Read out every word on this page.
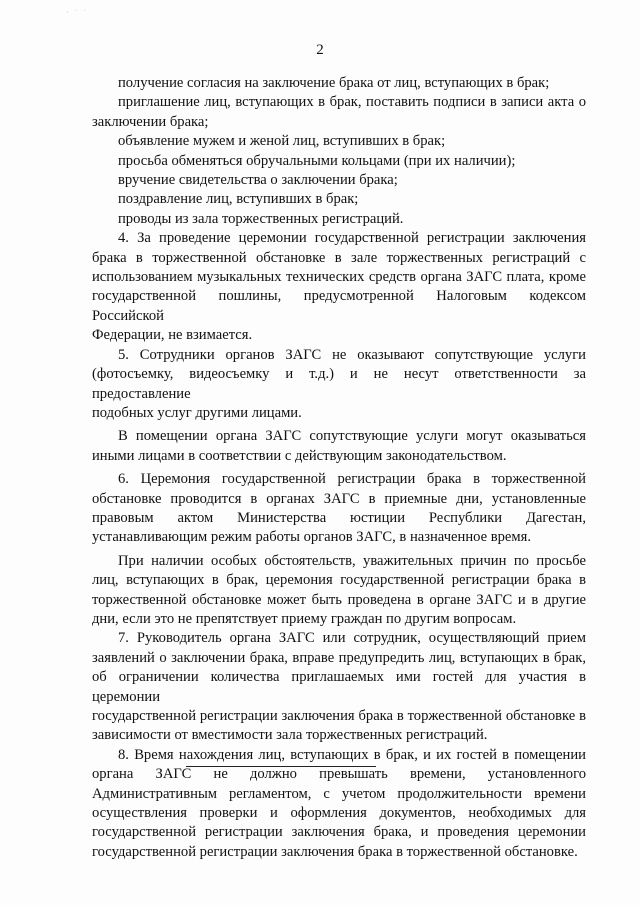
· ˙ ˙
2

получение согласия на заключение брака от лиц, вступающих в брак;

приглашение лиц, вступающих в брак, поставить подписи в записи акта о

заключении брака;

объявление мужем и женой лиц, вступивших в брак;

просьба обменяться обручальными кольцами (при их наличии);

вручение свидетельства о заключении брака;

поздравление лиц, вступивших в брак;

проводы из зала торжественных регистраций.

4. За проведение церемонии государственной регистрации заключения

брака в торжественной обстановке в зале торжественных регистраций с

использованием музыкальных технических средств органа ЗАГС плата, кроме

государственной пошлины, предусмотренной Налоговым кодексом Российской

Федерации, не взимается.

5. Сотрудники органов ЗАГС не оказывают сопутствующие услуги

(фотосъемку, видеосъемку и т.д.) и не несут ответственности за предоставление

подобных услуг другими лицами.

В помещении органа ЗАГС сопутствующие услуги могут оказываться

иными лицами в соответствии с действующим законодательством.

6. Церемония государственной регистрации брака в торжественной

обстановке проводится в органах ЗАГС в приемные дни, установленные

правовым актом Министерства юстиции Республики Дагестан,

устанавливающим режим работы органов ЗАГС, в назначенное время.

При наличии особых обстоятельств, уважительных причин по просьбе

лиц, вступающих в брак, церемония государственной регистрации брака в

торжественной обстановке может быть проведена в органе ЗАГС и в другие

дни, если это не препятствует приему граждан по другим вопросам.

7. Руководитель органа ЗАГС или сотрудник, осуществляющий прием

заявлений о заключении брака, вправе предупредить лиц, вступающих в брак,

об ограничении количества приглашаемых ими гостей для участия в церемонии

государственной регистрации заключения брака в торжественной обстановке в

зависимости от вместимости зала торжественных регистраций.

8. Время нахождения лиц, вступающих в брак, и их гостей в помещении

органа ЗАГС не должно превышать времени, установленного

Административным регламентом, с учетом продолжительности времени

осуществления проверки и оформления документов, необходимых для

государственной регистрации заключения брака, и проведения церемонии

государственной регистрации заключения брака в торжественной обстановке.
